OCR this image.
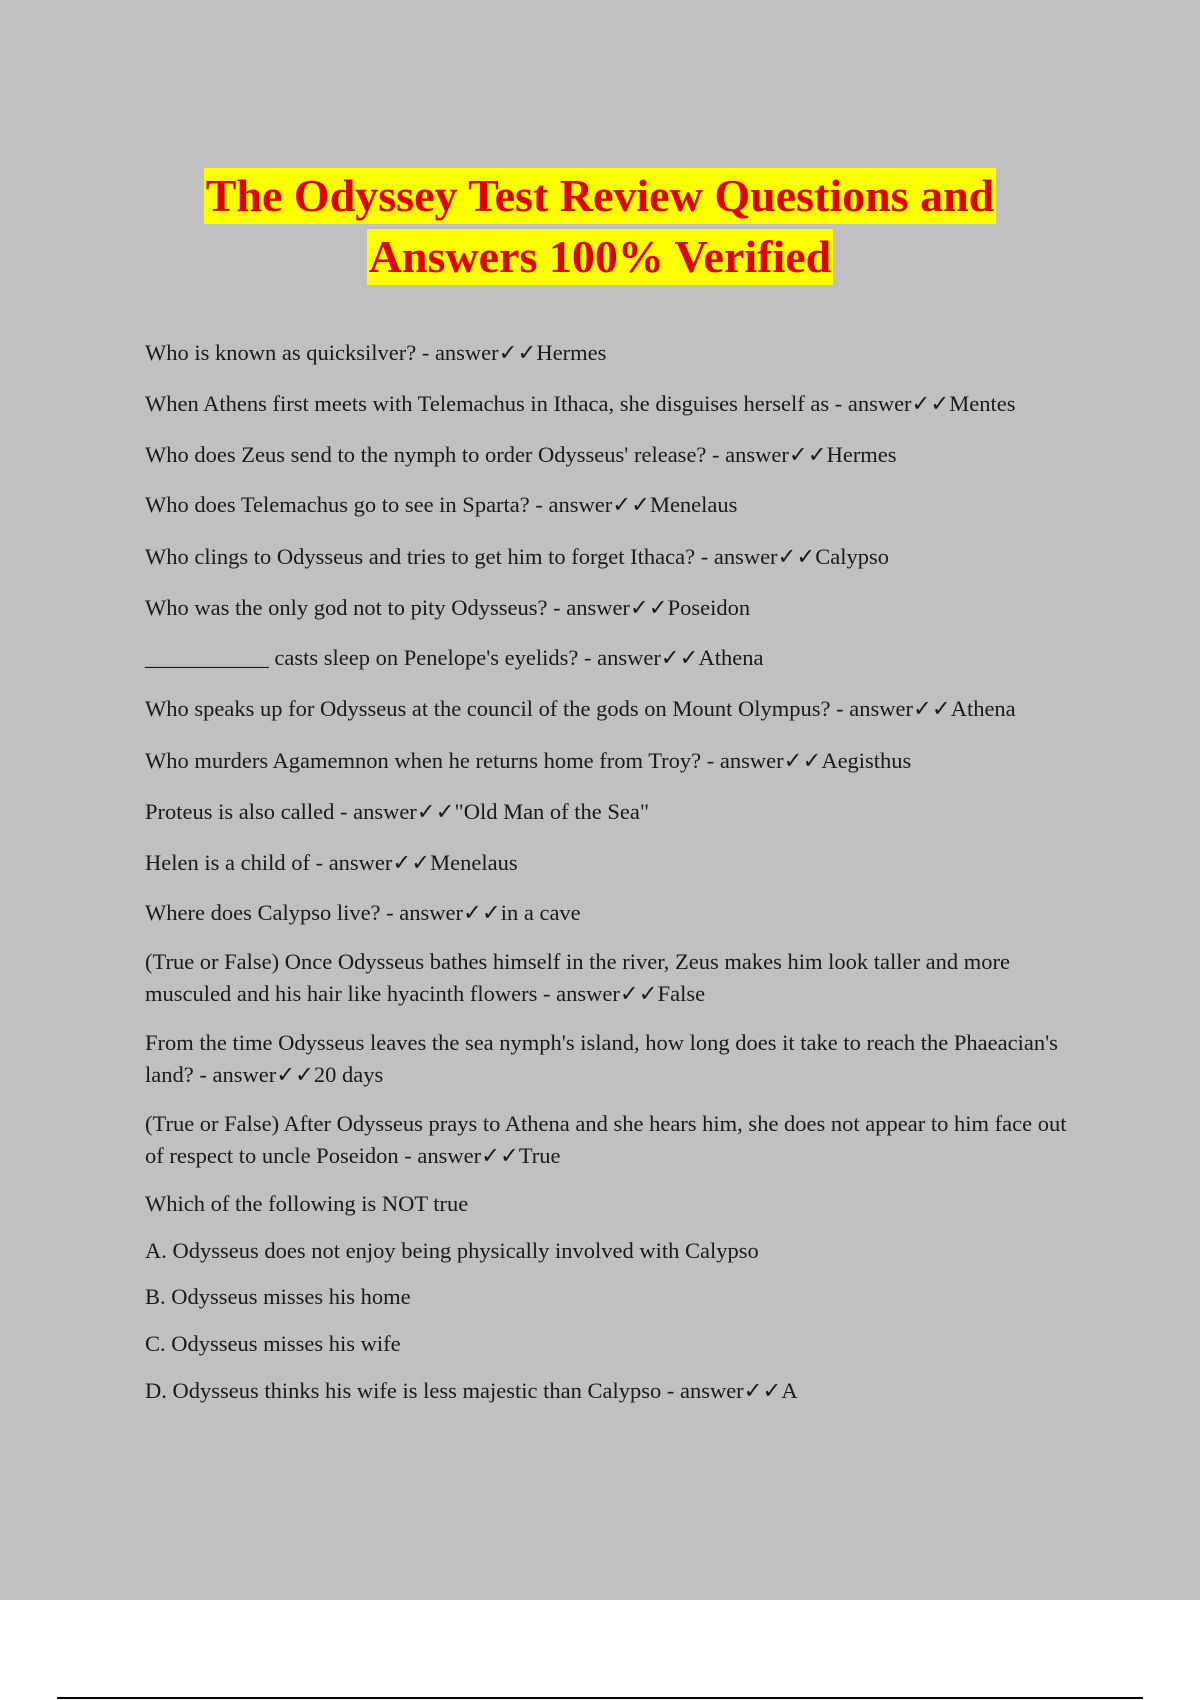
The Odyssey Test Review Questions and
Answers 100% Verified

Who is known as quicksilver? - answer✓✓Hermes

When Athens first meets with Telemachus in Ithaca, she disguises herself as - answer✓✓Mentes

Who does Zeus send to the nymph to order Odysseus' release? - answer✓✓Hermes

Who does Telemachus go to see in Sparta? - answer✓✓Menelaus

Who clings to Odysseus and tries to get him to forget Ithaca? - answer✓✓Calypso

Who was the only god not to pity Odysseus? - answer✓✓Poseidon

___________ casts sleep on Penelope's eyelids? - answer✓✓Athena

Who speaks up for Odysseus at the council of the gods on Mount Olympus? - answer✓✓Athena

Who murders Agamemnon when he returns home from Troy? - answer✓✓Aegisthus

Proteus is also called - answer✓✓"Old Man of the Sea"

Helen is a child of - answer✓✓Menelaus

Where does Calypso live? - answer✓✓in a cave

(True or False) Once Odysseus bathes himself in the river, Zeus makes him look taller and more musculed and his hair like hyacinth flowers - answer✓✓False

From the time Odysseus leaves the sea nymph's island, how long does it take to reach the Phaeacian's land? - answer✓✓20 days

(True or False) After Odysseus prays to Athena and she hears him, she does not appear to him face out of respect to uncle Poseidon - answer✓✓True

Which of the following is NOT true

A. Odysseus does not enjoy being physically involved with Calypso

B. Odysseus misses his home

C. Odysseus misses his wife

D. Odysseus thinks his wife is less majestic than Calypso - answer✓✓A
